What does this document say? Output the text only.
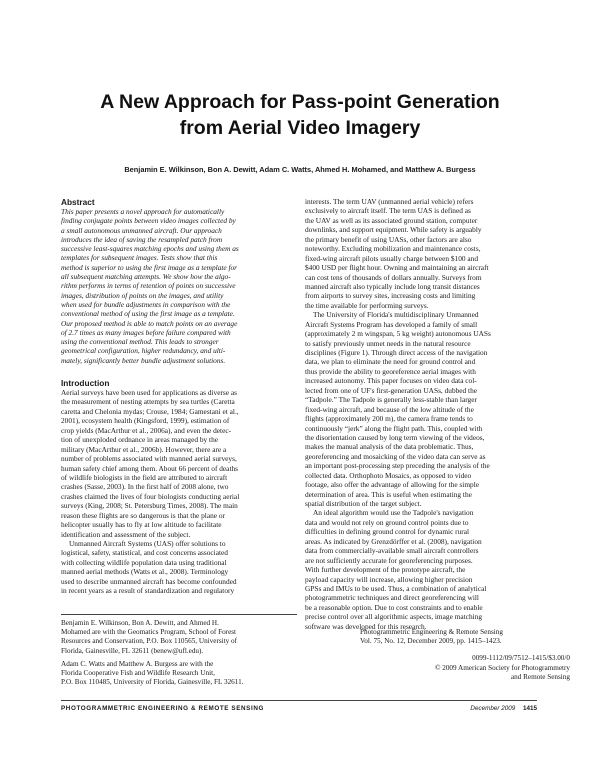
A New Approach for Pass-point Generation
from Aerial Video Imagery
Benjamin E. Wilkinson, Bon A. Dewitt, Adam C. Watts, Ahmed H. Mohamed, and Matthew A. Burgess
Abstract
This paper presents a novel approach for automatically
finding conjugate points between video images collected by
a small autonomous unmanned aircraft. Our approach
introduces the idea of saving the resampled patch from
successive least-squares matching epochs and using them as
templates for subsequent images. Tests show that this
method is superior to using the first image as a template for
all subsequent matching attempts. We show how the algo-
rithm performs in terms of retention of points on successive
images, distribution of points on the images, and utility
when used for bundle adjustments in comparison with the
conventional method of using the first image as a template.
Our proposed method is able to match points on an average
of 2.7 times as many images before failure compared with
using the conventional method. This leads to stronger
geometrical configuration, higher redundancy, and ulti-
mately, significantly better bundle adjustment solutions.
Introduction
Aerial surveys have been used for applications as diverse as
the measurement of nesting attempts by sea turtles (Caretta
caretta and Chelonia mydas; Crouse, 1984; Gamestani et al.,
2001), ecosystem health (Kingsford, 1999), estimation of
crop yields (MacArthur et al., 2006a), and even the detec-
tion of unexploded ordnance in areas managed by the
military (MacArthur et al., 2006b). However, there are a
number of problems associated with manned aerial surveys,
human safety chief among them. About 66 percent of deaths
of wildlife biologists in the field are attributed to aircraft
crashes (Sasse, 2003). In the first half of 2008 alone, two
crashes claimed the lives of four biologists conducting aerial
surveys (King, 2008; St. Petersburg Times, 2008). The main
reason these flights are so dangerous is that the plane or
helicopter usually has to fly at low altitude to facilitate
identification and assessment of the subject.
Unmanned Aircraft Systems (UAS) offer solutions to
logistical, safety, statistical, and cost concerns associated
with collecting wildlife population data using traditional
manned aerial methods (Watts et al., 2008). Terminology
used to describe unmanned aircraft has become confounded
in recent years as a result of standardization and regulatory
interests. The term UAV (unmanned aerial vehicle) refers
exclusively to aircraft itself. The term UAS is defined as
the UAV as well as its associated ground station, computer
downlinks, and support equipment. While safety is arguably
the primary benefit of using UASs, other factors are also
noteworthy. Excluding mobilization and maintenance costs,
fixed-wing aircraft pilots usually charge between $100 and
$400 USD per flight hour. Owning and maintaining an aircraft
can cost tens of thousands of dollars annually. Surveys from
manned aircraft also typically include long transit distances
from airports to survey sites, increasing costs and limiting
the time available for performing surveys.
The University of Florida's multidisciplinary Unmanned
Aircraft Systems Program has developed a family of small
(approximately 2 m wingspan, 5 kg weight) autonomous UASs
to satisfy previously unmet needs in the natural resource
disciplines (Figure 1). Through direct access of the navigation
data, we plan to eliminate the need for ground control and
thus provide the ability to georeference aerial images with
increased autonomy. This paper focuses on video data col-
lected from one of UF's first-generation UASs, dubbed the
“Tadpole.” The Tadpole is generally less-stable than larger
fixed-wing aircraft, and because of the low altitude of the
flights (approximately 200 m), the camera frame tends to
continuously “jerk” along the flight path. This, coupled with
the disorientation caused by long term viewing of the videos,
makes the manual analysis of the data problematic. Thus,
georeferencing and mosaicking of the video data can serve as
an important post-processing step preceding the analysis of the
collected data. Orthophoto Mosaics, as opposed to video
footage, also offer the advantage of allowing for the simple
determination of area. This is useful when estimating the
spatial distribution of the target subject.
An ideal algorithm would use the Tadpole's navigation
data and would not rely on ground control points due to
difficulties in defining ground control for dynamic rural
areas. As indicated by Grenzdörffer et al. (2008), navigation
data from commercially-available small aircraft controllers
are not sufficiently accurate for georeferencing purposes.
With further development of the prototype aircraft, the
payload capacity will increase, allowing higher precision
GPSs and IMUs to be used. Thus, a combination of analytical
photogrammetric techniques and direct georeferencing will
be a reasonable option. Due to cost constraints and to enable
precise control over all algorithmic aspects, image matching
software was developed for this research.
Benjamin E. Wilkinson, Bon A. Dewitt, and Ahmed H.
Mohamed are with the Geomatics Program, School of Forest
Resources and Conservation, P.O. Box 110565, University of
Florida, Gainesville, FL 32611 (benew@ufl.edu).
Adam C. Watts and Matthew A. Burgess are with the
Florida Cooperative Fish and Wildlife Research Unit,
P.O. Box 110485, University of Florida, Gainesville, FL 32611.
Photogrammetric Engineering & Remote Sensing
Vol. 75, No. 12, December 2009, pp. 1415–1423.
0099-1112/09/7512–1415/$3.00/0
© 2009 American Society for Photogrammetry
and Remote Sensing
PHOTOGRAMMETRIC ENGINEERING & REMOTE SENSING	December 2009 1415
